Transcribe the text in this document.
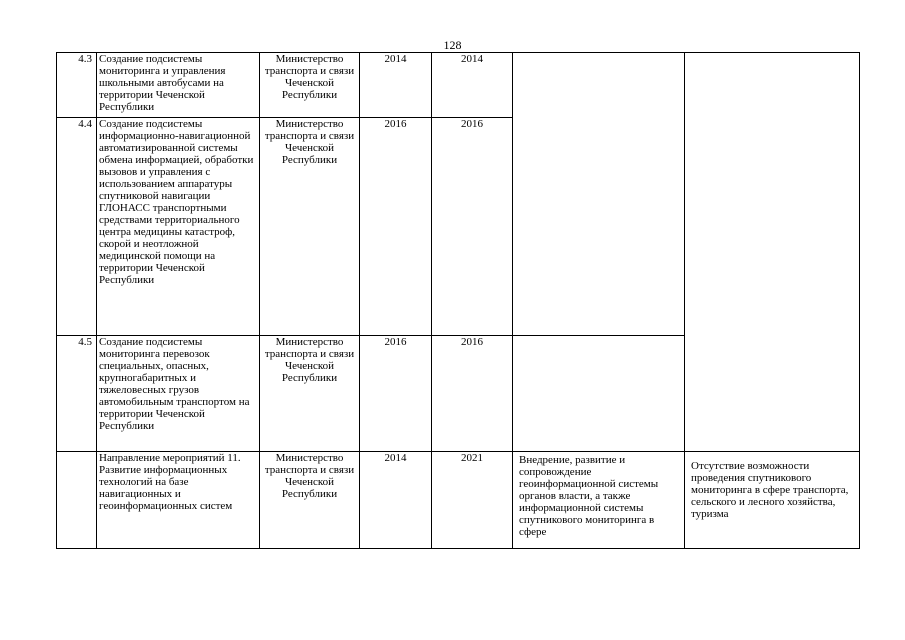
128
4.3	Создание подсистемы мониторинга и управления школьными автобусами на территории Чеченской Республики	Министерство транспорта и связи Чеченской Республики	2014	2014		
4.4	Создание подсистемы информационно-навигационной автоматизированной системы обмена информацией, обработки вызовов и управления с использованием аппаратуры спутниковой навигации ГЛОНАСС транспортными средствами территориального центра медицины катастроф, скорой и неотложной медицинской помощи на территории Чеченской Республики	Министерство транспорта и связи Чеченской Республики	2016	2016		
4.5	Создание подсистемы мониторинга перевозок специальных, опасных, крупногабаритных и тяжеловесных грузов автомобильным транспортом на территории Чеченской Республики	Министерство транспорта и связи Чеченской Республики	2016	2016		
	Направление мероприятий 11. Развитие информационных технологий на базе навигационных и геоинформационных систем	Министерство транспорта и связи Чеченской Республики	2014	2021	Внедрение, развитие и сопровождение геоинформационной системы органов власти, а также информационной системы спутникового мониторинга в сфере	Отсутствие возможности проведения спутникового мониторинга в сфере транспорта, сельского и лесного хозяйства, туризма
